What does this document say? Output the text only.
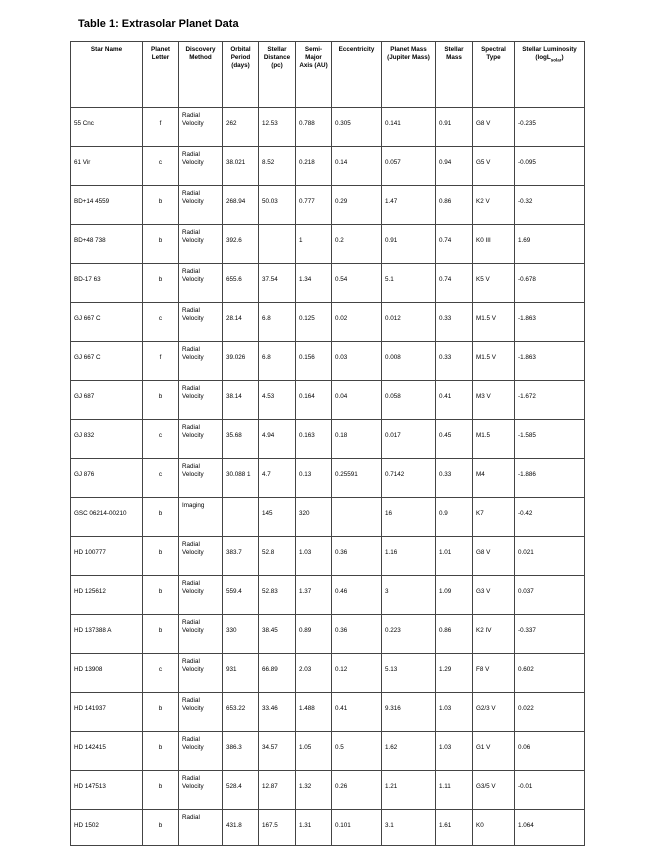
Table 1: Extrasolar Planet Data
Star Name	Planet Letter	Discovery Method	Orbital Period (days)	Stellar Distance (pc)	Semi-Major Axis (AU)	Eccentricity	Planet Mass (Jupiter Mass)	Stellar Mass	Spectral Type	Stellar Luminosity (logL$_{solar}$)
55 Cnc	f	Radial Velocity	262	12.53	0.788	0.305	0.141	0.91	G8 V	-0.235
61 Vir	c	Radial Velocity	38.021	8.52	0.218	0.14	0.057	0.94	G5 V	-0.095
BD+14 4559	b	Radial Velocity	268.94	50.03	0.777	0.29	1.47	0.86	K2 V	-0.32
BD+48 738	b	Radial Velocity	392.6		1	0.2	0.91	0.74	K0 III	1.69
BD-17 63	b	Radial Velocity	655.6	37.54	1.34	0.54	5.1	0.74	K5 V	-0.678
GJ 667 C	c	Radial Velocity	28.14	6.8	0.125	0.02	0.012	0.33	M1.5 V	-1.863
GJ 667 C	f	Radial Velocity	39.026	6.8	0.156	0.03	0.008	0.33	M1.5 V	-1.863
GJ 687	b	Radial Velocity	38.14	4.53	0.164	0.04	0.058	0.41	M3 V	-1.672
GJ 832	c	Radial Velocity	35.68	4.94	0.163	0.18	0.017	0.45	M1.5	-1.585
GJ 876	c	Radial Velocity	30.088 1	4.7	0.13	0.25591	0.7142	0.33	M4	-1.886
GSC 06214-00210	b	Imaging		145	320		16	0.9	K7	-0.42
HD 100777	b	Radial Velocity	383.7	52.8	1.03	0.36	1.16	1.01	G8 V	0.021
HD 125612	b	Radial Velocity	559.4	52.83	1.37	0.46	3	1.09	G3 V	0.037
HD 137388 A	b	Radial Velocity	330	38.45	0.89	0.36	0.223	0.86	K2 IV	-0.337
HD 13908	c	Radial Velocity	931	66.89	2.03	0.12	5.13	1.29	F8 V	0.602
HD 141937	b	Radial Velocity	653.22	33.46	1.488	0.41	9.316	1.03	G2/3 V	0.022
HD 142415	b	Radial Velocity	386.3	34.57	1.05	0.5	1.62	1.03	G1 V	0.06
HD 147513	b	Radial Velocity	528.4	12.87	1.32	0.26	1.21	1.11	G3/5 V	-0.01
HD 1502	b	Radial	431.8	167.5	1.31	0.101	3.1	1.61	K0	1.064
